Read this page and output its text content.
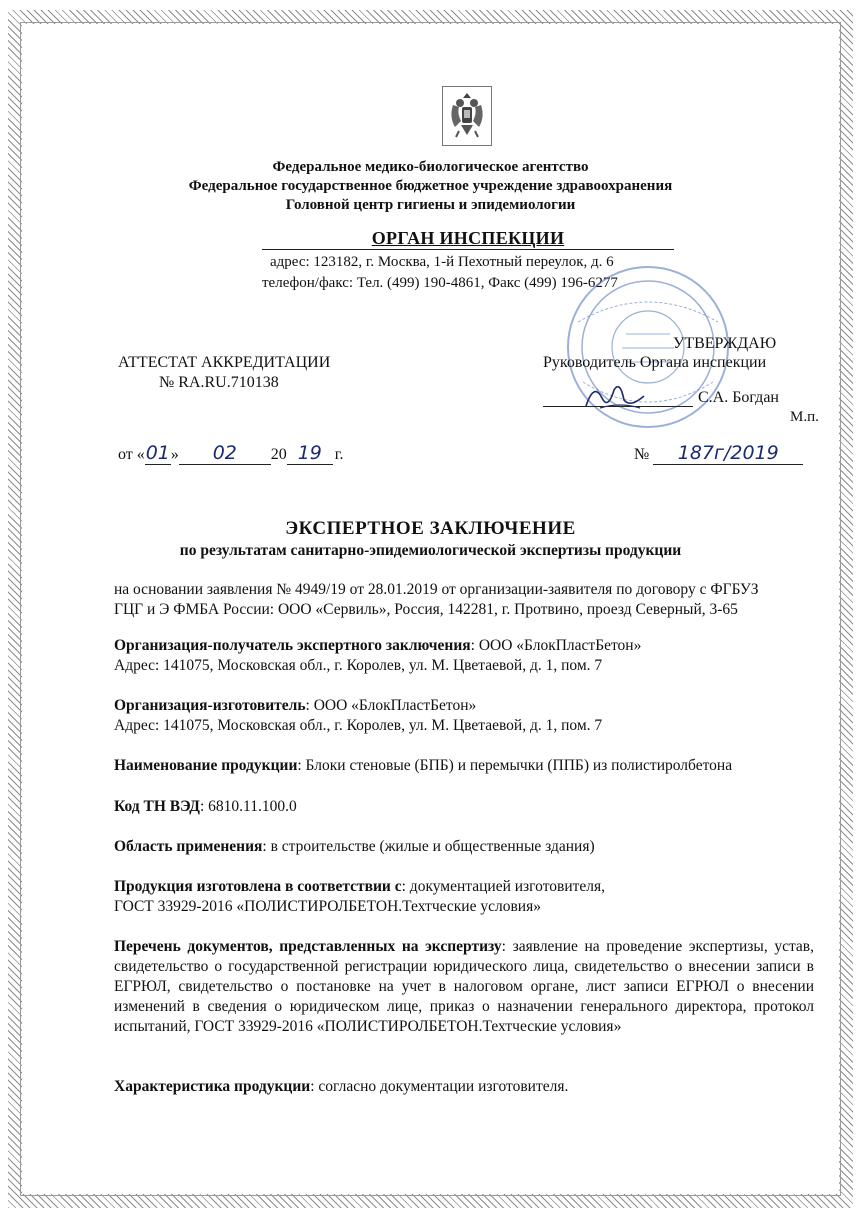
Федеральное медико-биологическое агентство
Федеральное государственное бюджетное учреждение здравоохранения
Головной центр гигиены и эпидемиологии
ОРГАН ИНСПЕКЦИИ
адрес: 123182, г. Москва, 1-й Пехотный переулок, д. 6
телефон/факс: Тел. (499) 190-4861, Факс (499) 196-6277
АТТЕСТАТ АККРЕДИТАЦИИ
№ RA.RU.710138
УТВЕРЖДАЮ
Руководитель Органа инспекции
С.А. Богдан
М.п.
от «01» 02 20 19 г.	№ 187г/2019
ЭКСПЕРТНОЕ ЗАКЛЮЧЕНИЕ
по результатам санитарно-эпидемиологической экспертизы продукции
на основании заявления № 4949/19 от 28.01.2019 от организации-заявителя по договору с ФГБУЗ
ГЦГ и Э ФМБА России: ООО «Сервиль», Россия, 142281, г. Протвино, проезд Северный, 3-65
Организация-получатель экспертного заключения: ООО «БлокПластБетон»
Адрес: 141075, Московская обл., г. Королев, ул. М. Цветаевой, д. 1, пом. 7
Организация-изготовитель: ООО «БлокПластБетон»
Адрес: 141075, Московская обл., г. Королев, ул. М. Цветаевой, д. 1, пом. 7
Наименование продукции: Блоки стеновые (БПБ) и перемычки (ППБ) из полистиролбетона
Код ТН ВЭД: 6810.11.100.0
Область применения: в строительстве (жилые и общественные здания)
Продукция изготовлена в соответствии с: документацией изготовителя,
ГОСТ 33929-2016 «ПОЛИСТИРОЛБЕТОН.Техтческие условия»
Перечень документов, представленных на экспертизу: заявление на проведение экспертизы, устав, свидетельство о государственной регистрации юридического лица, свидетельство о внесении записи в ЕГРЮЛ, свидетельство о постановке на учет в налоговом органе, лист записи ЕГРЮЛ о внесении изменений в сведения о юридическом лице, приказ о назначении генерального директора, протокол испытаний, ГОСТ 33929-2016 «ПОЛИСТИРОЛБЕТОН.Техтческие условия»
Характеристика продукции: согласно документации изготовителя.
